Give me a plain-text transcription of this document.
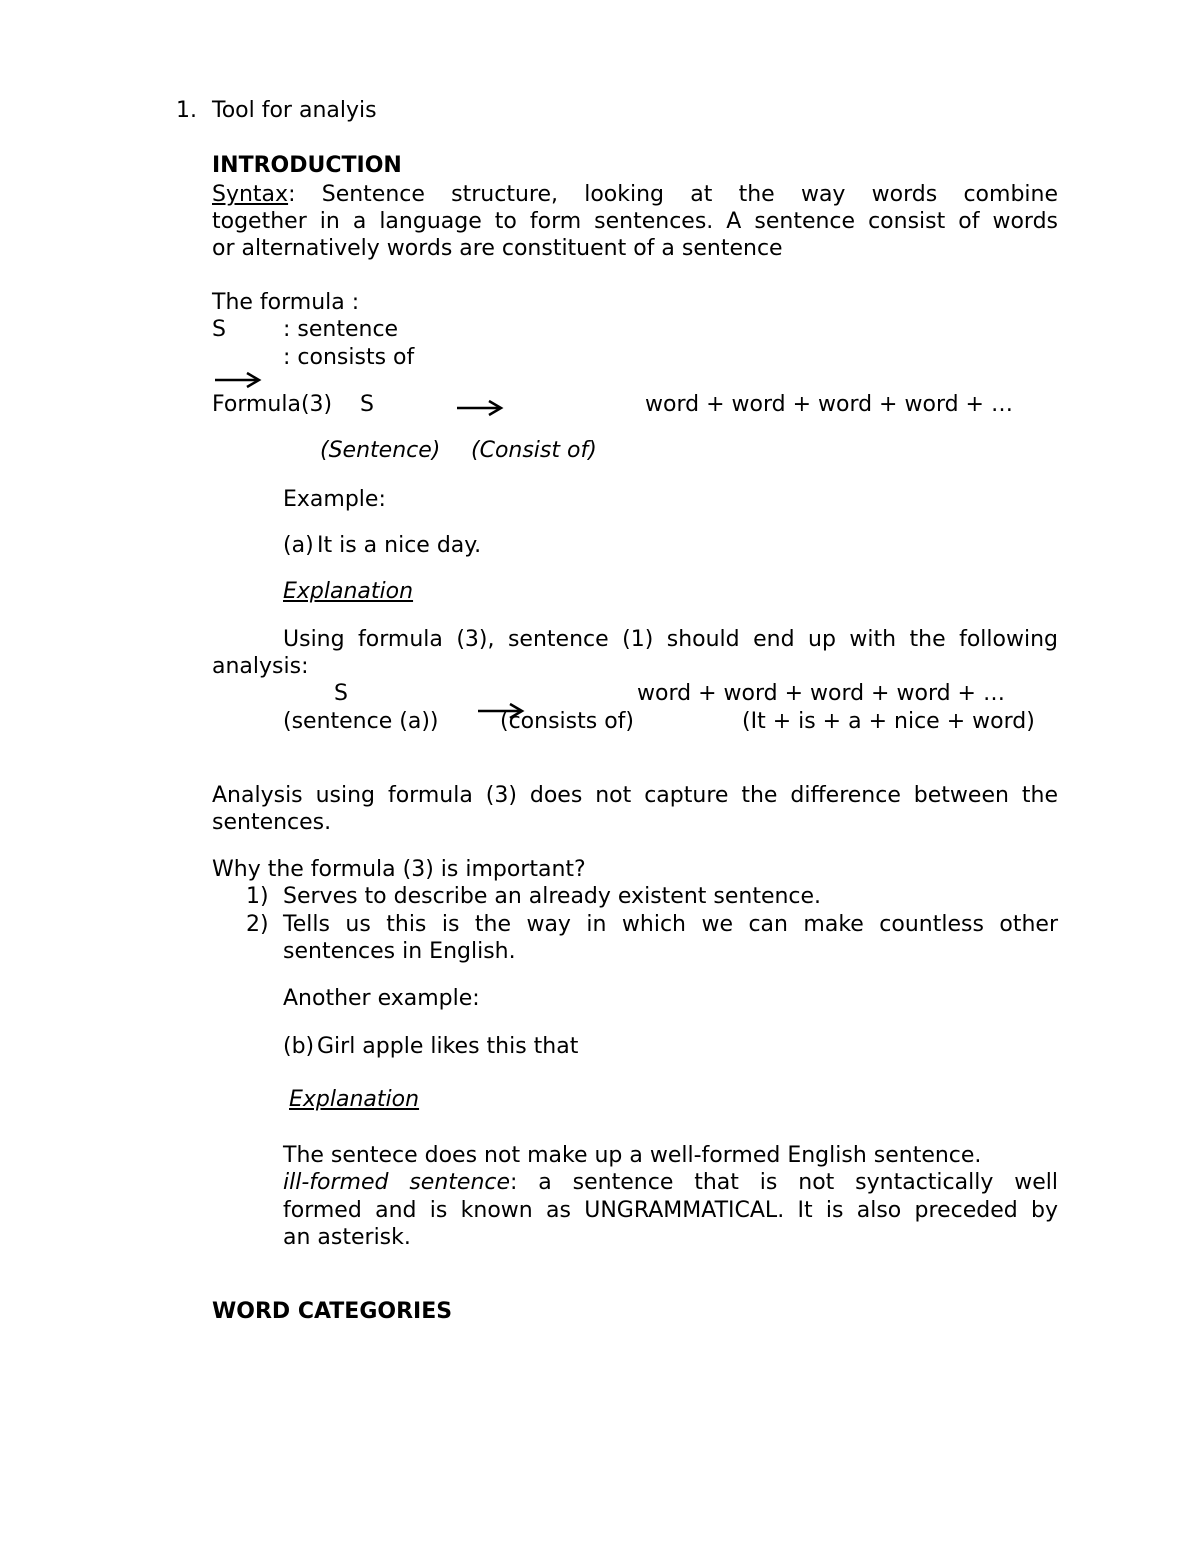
1. Tool for analyis
INTRODUCTION
Syntax: Sentence structure, looking at the way words combine
together in a language to form sentences. A sentence consist of words
or alternatively words are constituent of a sentence
The formula :
S	: sentence
: consists of
Formula(3) S	word + word + word + word + …
(Sentence) (Consist of)
Example:
(a) It is a nice day.
Explanation
Using formula (3), sentence (1) should end up with the following
analysis:
S	word + word + word + word + …
(sentence (a))	(consists of)	(It + is + a + nice + word)
Analysis using formula (3) does not capture the difference between the
sentences.
Why the formula (3) is important?
1) Serves to describe an already existent sentence.
2) Tells us this is the way in which we can make countless other
sentences in English.
Another example:
(b) Girl apple likes this that
Explanation
The sentece does not make up a well-formed English sentence.
ill-formed sentence: a sentence that is not syntactically well
formed and is known as UNGRAMMATICAL. It is also preceded by
an asterisk.
WORD CATEGORIES
